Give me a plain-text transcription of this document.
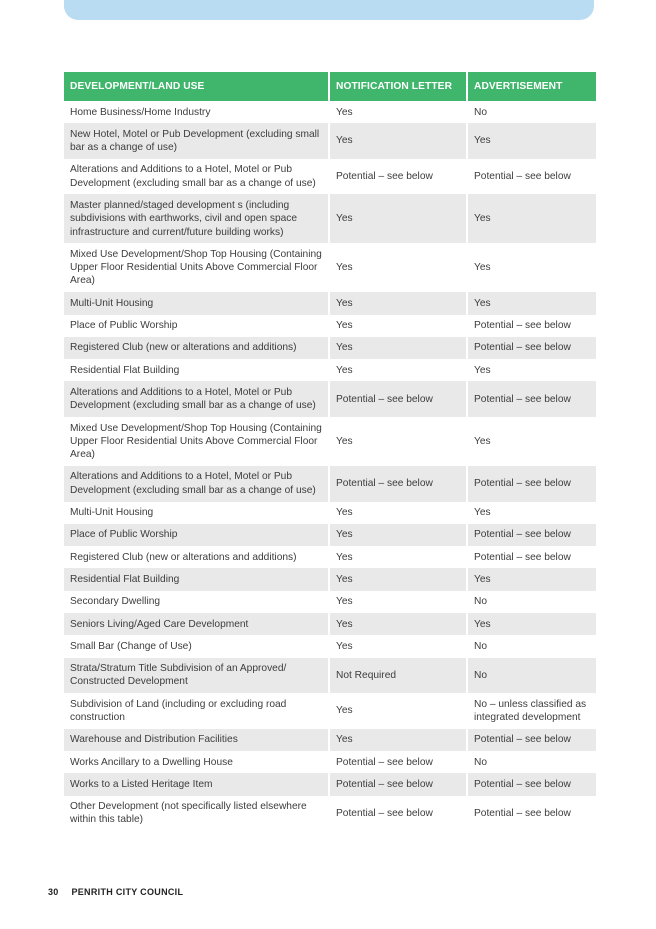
DEVELOPMENT/LAND USE	NOTIFICATION LETTER	ADVERTISEMENT
Home Business/Home Industry	Yes	No
New Hotel, Motel or Pub Development (excluding small bar as a change of use)	Yes	Yes
Alterations and Additions to a Hotel, Motel or Pub Development (excluding small bar as a change of use)	Potential – see below	Potential – see below
Master planned/staged development s (including subdivisions with earthworks, civil and open space infrastructure and current/future building works)	Yes	Yes
Mixed Use Development/Shop Top Housing (Containing Upper Floor Residential Units Above Commercial Floor Area)	Yes	Yes
Multi-Unit Housing	Yes	Yes
Place of Public Worship	Yes	Potential – see below
Registered Club (new or alterations and additions)	Yes	Potential – see below
Residential Flat Building	Yes	Yes
Alterations and Additions to a Hotel, Motel or Pub Development (excluding small bar as a change of use)	Potential – see below	Potential – see below
Mixed Use Development/Shop Top Housing (Containing Upper Floor Residential Units Above Commercial Floor Area)	Yes	Yes
Alterations and Additions to a Hotel, Motel or Pub Development (excluding small bar as a change of use)	Potential – see below	Potential – see below
Multi-Unit Housing	Yes	Yes
Place of Public Worship	Yes	Potential – see below
Registered Club (new or alterations and additions)	Yes	Potential – see below
Residential Flat Building	Yes	Yes
Secondary Dwelling	Yes	No
Seniors Living/Aged Care Development	Yes	Yes
Small Bar (Change of Use)	Yes	No
Strata/Stratum Title Subdivision of an Approved/ Constructed Development	Not Required	No
Subdivision of Land (including or excluding road construction	Yes	No – unless classified as integrated development
Warehouse and Distribution Facilities	Yes	Potential – see below
Works Ancillary to a Dwelling House	Potential – see below	No
Works to a Listed Heritage Item	Potential – see below	Potential – see below
Other Development (not specifically listed elsewhere within this table)	Potential – see below	Potential – see below
30 PENRITH CITY COUNCIL
